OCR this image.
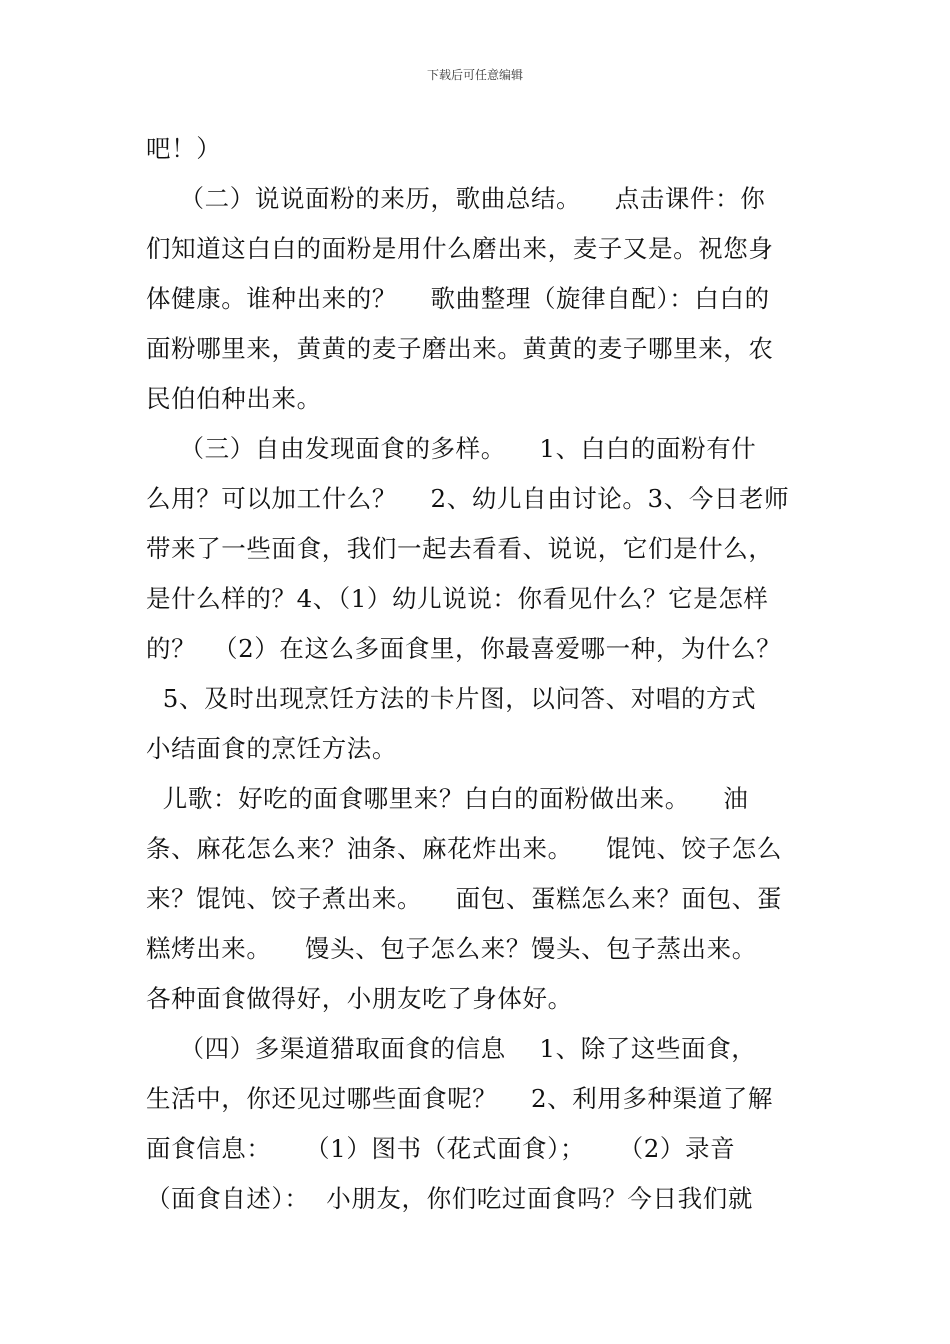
下载后可任意编辑
吧！）
（二）说说面粉的来历，歌曲总结。    点击课件：你
们知道这白白的面粉是用什么磨出来，麦子又是。祝您身
体健康。谁种出来的？    歌曲整理（旋律自配）：白白的
面粉哪里来，黄黄的麦子磨出来。黄黄的麦子哪里来，农
民伯伯种出来。
（三）自由发现面食的多样。    1、白白的面粉有什
么用？可以加工什么？    2、幼儿自由讨论。3、今日老师
带来了一些面食，我们一起去看看、说说，它们是什么，
是什么样的？4、（1）幼儿说说：你看见什么？它是怎样
的？  （2）在这么多面食里，你最喜爱哪一种，为什么？
5、及时出现烹饪方法的卡片图，以问答、对唱的方式
小结面食的烹饪方法。
儿歌：好吃的面食哪里来？白白的面粉做出来。    油
条、麻花怎么来？油条、麻花炸出来。    馄饨、饺子怎么
来？馄饨、饺子煮出来。    面包、蛋糕怎么来？面包、蛋
糕烤出来。    馒头、包子怎么来？馒头、包子蒸出来。
各种面食做得好，小朋友吃了身体好。
（四）多渠道猎取面食的信息    1、除了这些面食，
生活中，你还见过哪些面食呢？    2、利用多种渠道了解
面食信息：    （1）图书（花式面食）；    （2）录音
（面食自述）：  小朋友，你们吃过面食吗？今日我们就
